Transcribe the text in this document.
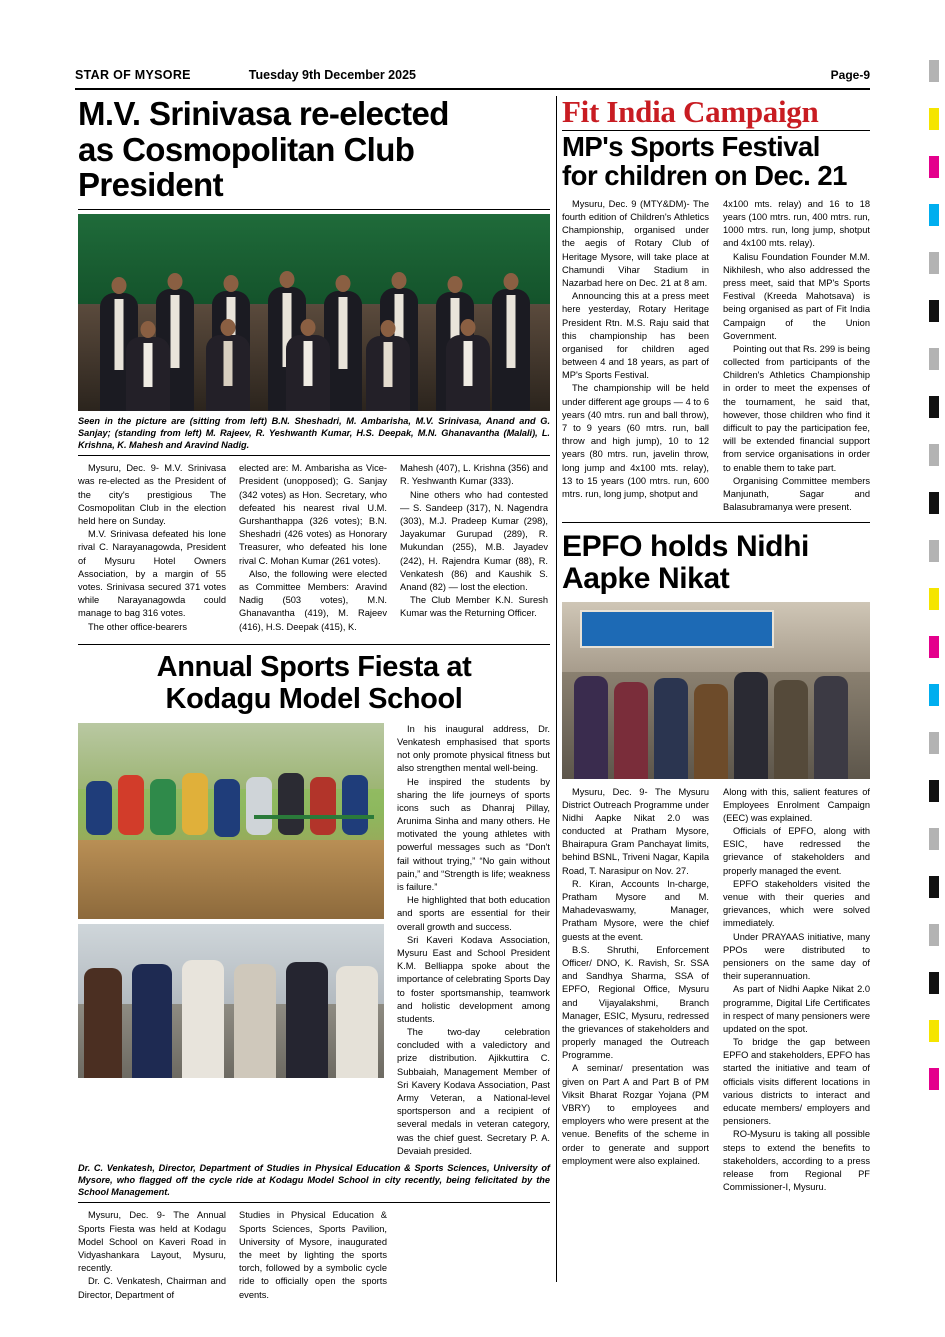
STAR OF MYSORE	Tuesday 9th December 2025	Page-9
M.V. Srinivasa re-elected
as Cosmopolitan Club President
Seen in the picture are (sitting from left) B.N. Sheshadri, M. Ambarisha, M.V. Srinivasa, Anand and G. Sanjay; (standing from left) M. Rajeev, R. Yeshwanth Kumar, H.S. Deepak, M.N. Ghanavantha (Malali), L. Krishna, K. Mahesh and Aravind Nadig.

Mysuru, Dec. 9- M.V. Srinivasa was re-elected as the President of the city's prestigious The Cosmopolitan Club in the election held here on Sunday.

M.V. Srinivasa defeated his lone rival C. Narayanagowda, President of Mysuru Hotel Owners Association, by a margin of 55 votes. Srinivasa secured 371 votes while Narayanagowda could manage to bag 316 votes.

The other office-bearers

elected are: M. Ambarisha as Vice-President (unopposed); G. Sanjay (342 votes) as Hon. Secretary, who defeated his nearest rival U.M. Gurshanthappa (326 votes); B.N. Sheshadri (426 votes) as Honorary Treasurer, who defeated his lone rival C. Mohan Kumar (261 votes).

Also, the following were elected as Committee Members: Aravind Nadig (503 votes), M.N. Ghanavantha (419), M. Rajeev (416), H.S. Deepak (415), K.

Mahesh (407), L. Krishna (356) and R. Yeshwanth Kumar (333).

Nine others who had contested — S. Sandeep (317), N. Nagendra (303), M.J. Pradeep Kumar (298), Jayakumar Gurupad (289), R. Mukundan (255), M.B. Jayadev (242), H. Rajendra Kumar (88), R. Venkatesh (86) and Kaushik S. Anand (82) — lost the election.

The Club Member K.N. Suresh Kumar was the Returning Officer.

Annual Sports Fiesta at
Kodagu Model School

In his inaugural address, Dr. Venkatesh emphasised that sports not only promote physical fitness but also strengthen mental well-being.

He inspired the students by sharing the life journeys of sports icons such as Dhanraj Pillay, Arunima Sinha and many others. He motivated the young athletes with powerful messages such as “Don't fail without trying,” “No gain without pain,” and “Strength is life; weakness is failure.”

He highlighted that both education and sports are essential for their overall growth and success.

Sri Kaveri Kodava Association, Mysuru East and School President K.M. Belliappa spoke about the importance of celebrating Sports Day to foster sportsmanship, teamwork and holistic development among students.

The two-day celebration concluded with a valedictory and prize distribution. Ajikkuttira C. Subbaiah, Management Member of Sri Kavery Kodava Association, Past Army Veteran, a National-level sportsperson and a recipient of several medals in veteran category, was the chief guest. Secretary P. A. Devaiah presided.

Dr. C. Venkatesh, Director, Department of Studies in Physical Education & Sports Sciences, University of Mysore, who flagged off the cycle ride at Kodagu Model School in city recently, being felicitated by the School Management.

Mysuru, Dec. 9- The Annual Sports Fiesta was held at Kodagu Model School on Kaveri Road in Vidyashankara Layout, Mysuru, recently.

Dr. C. Venkatesh, Chairman and Director, Department of

Studies in Physical Education & Sports Sciences, Sports Pavilion, University of Mysore, inaugurated the meet by lighting the sports torch, followed by a symbolic cycle ride to officially open the sports events.

Fit India Campaign
MP's Sports Festival
for children on Dec. 21

Mysuru, Dec. 9 (MTY&DM)- The fourth edition of Children's Athletics Championship, organised under the aegis of Rotary Club of Heritage Mysore, will take place at Chamundi Vihar Stadium in Nazarbad here on Dec. 21 at 8 am.

Announcing this at a press meet here yesterday, Rotary Heritage President Rtn. M.S. Raju said that this championship has been organised for children aged between 4 and 18 years, as part of MP's Sports Festival.

The championship will be held under different age groups — 4 to 6 years (40 mtrs. run and ball throw), 7 to 9 years (60 mtrs. run, ball throw and high jump), 10 to 12 years (80 mtrs. run, javelin throw, long jump and 4x100 mts. relay), 13 to 15 years (100 mtrs. run, 600 mtrs. run, long jump, shotput and

4x100 mts. relay) and 16 to 18 years (100 mtrs. run, 400 mtrs. run, 1000 mtrs. run, long jump, shotput and 4x100 mts. relay).

Kalisu Foundation Founder M.M. Nikhilesh, who also addressed the press meet, said that MP's Sports Festival (Kreeda Mahotsava) is being organised as part of Fit India Campaign of the Union Government.

Pointing out that Rs. 299 is being collected from participants of the Children's Athletics Championship in order to meet the expenses of the tournament, he said that, however, those children who find it difficult to pay the participation fee, will be extended financial support from service organisations in order to enable them to take part.

Organising Committee members Manjunath, Sagar and Balasubramanya were present.

EPFO holds Nidhi
Aapke Nikat

Mysuru, Dec. 9- The Mysuru District Outreach Programme under Nidhi Aapke Nikat 2.0 was conducted at Pratham Mysore, Bhairapura Gram Panchayat limits, behind BSNL, Triveni Nagar, Kapila Road, T. Narasipur on Nov. 27.

R. Kiran, Accounts In-charge, Pratham Mysore and M. Mahadevaswamy, Manager, Pratham Mysore, were the chief guests at the event.

B.S. Shruthi, Enforcement Officer/ DNO, K. Ravish, Sr. SSA and Sandhya Sharma, SSA of EPFO, Regional Office, Mysuru and Vijayalakshmi, Branch Manager, ESIC, Mysuru, redressed the grievances of stakeholders and properly managed the Outreach Programme.

A seminar/ presentation was given on Part A and Part B of PM Viksit Bharat Rozgar Yojana (PM VBRY) to employees and employers who were present at the venue. Benefits of the scheme in order to generate and support employment were also explained.

Along with this, salient features of Employees Enrolment Campaign (EEC) was explained.

Officials of EPFO, along with ESIC, have redressed the grievance of stakeholders and properly managed the event.

EPFO stakeholders visited the venue with their queries and grievances, which were solved immediately.

Under PRAYAAS initiative, many PPOs were distributed to pensioners on the same day of their superannuation.

As part of Nidhi Aapke Nikat 2.0 programme, Digital Life Certificates in respect of many pensioners were updated on the spot.

To bridge the gap between EPFO and stakeholders, EPFO has started the initiative and team of officials visits different locations in various districts to interact and educate members/ employers and pensioners.

RO-Mysuru is taking all possible steps to extend the benefits to stakeholders, according to a press release from Regional PF Commissioner-I, Mysuru.
